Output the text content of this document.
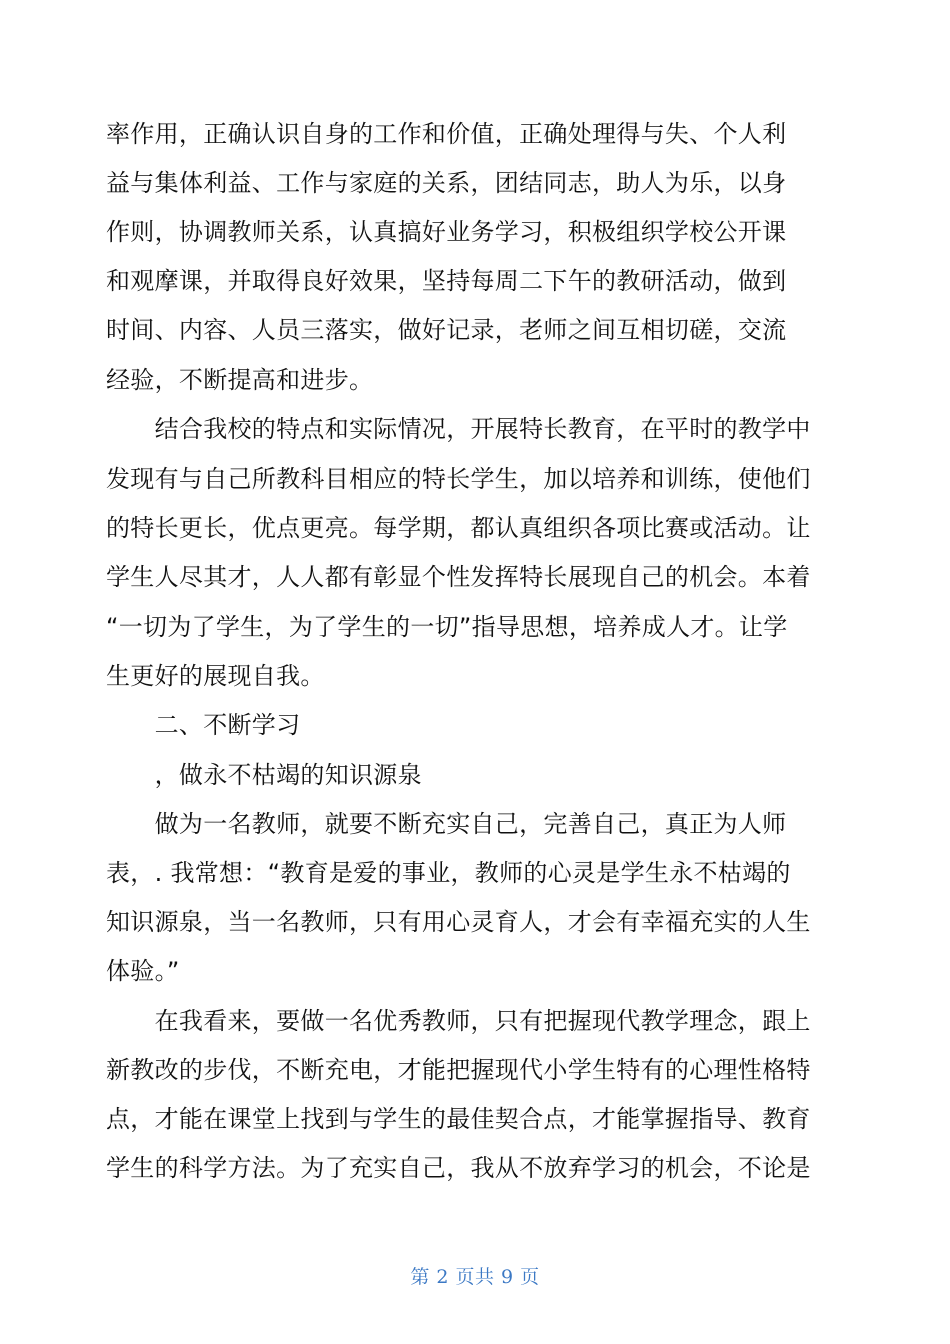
率作用，正确认识自身的工作和价值，正确处理得与失、个人利
益与集体利益、工作与家庭的关系，团结同志，助人为乐，以身
作则，协调教师关系，认真搞好业务学习，积极组织学校公开课
和观摩课，并取得良好效果，坚持每周二下午的教研活动，做到
时间、内容、人员三落实，做好记录，老师之间互相切磋，交流
经验，不断提高和进步。
　　结合我校的特点和实际情况，开展特长教育，在平时的教学中
发现有与自己所教科目相应的特长学生，加以培养和训练，使他们
的特长更长，优点更亮。每学期，都认真组织各项比赛或活动。让
学生人尽其才，人人都有彰显个性发挥特长展现自己的机会。本着
“一切为了学生，为了学生的一切”指导思想，培养成人才。让学
生更好的展现自我。
　　二、不断学习
　　，做永不枯竭的知识源泉
　　做为一名教师，就要不断充实自己，完善自己，真正为人师
表，. 我常想：“教育是爱的事业，教师的心灵是学生永不枯竭的
知识源泉，当一名教师，只有用心灵育人，才会有幸福充实的人生
体验。”
　　在我看来，要做一名优秀教师，只有把握现代教学理念，跟上
新教改的步伐，不断充电，才能把握现代小学生特有的心理性格特
点，才能在课堂上找到与学生的最佳契合点，才能掌握指导、教育
学生的科学方法。为了充实自己，我从不放弃学习的机会，不论是
第 2 页共 9 页
